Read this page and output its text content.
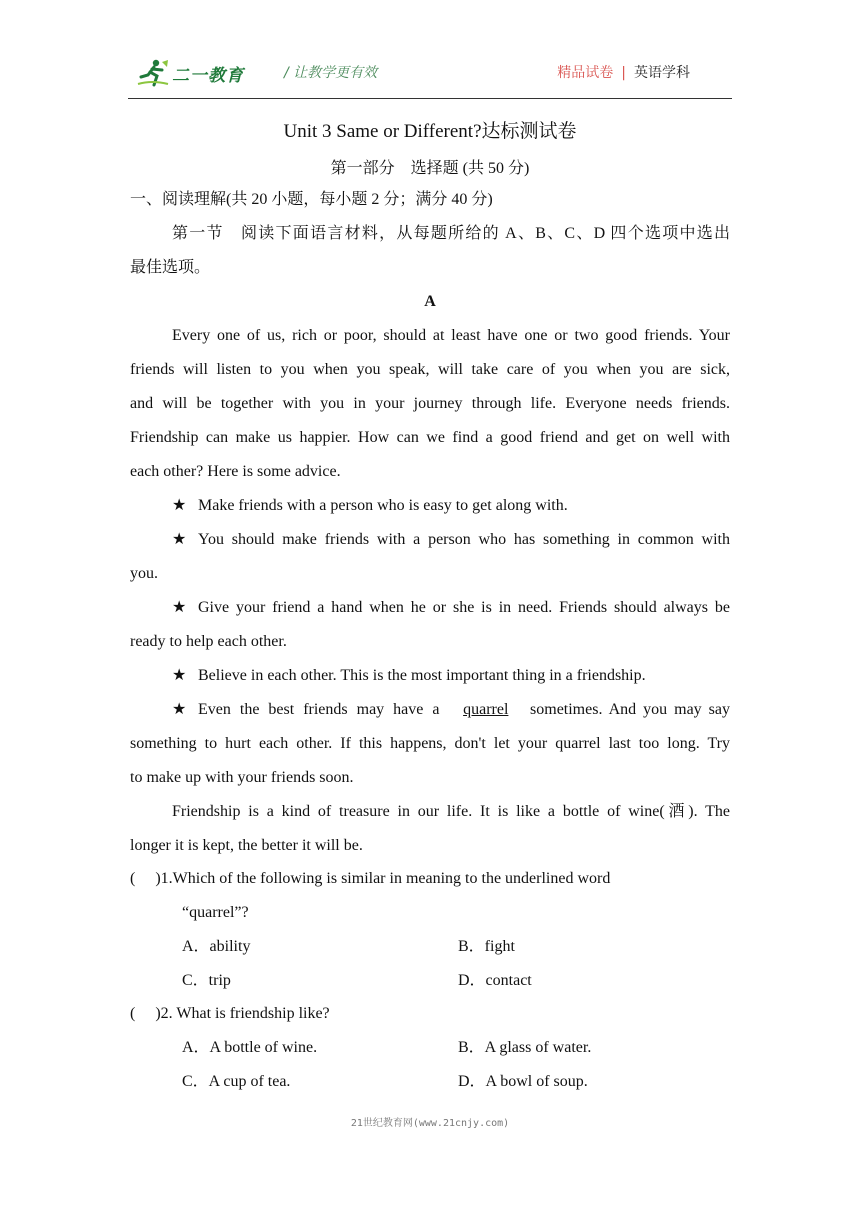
二一教育	/ 让教学更有效	精品试卷 | 英语学科
Unit 3 Same or Different?达标测试卷
第一部分　选择题 (共 50 分)
一、阅读理解(共 20 小题，每小题 2 分；满分 40 分)
第一节　阅读下面语言材料，从每题所给的 A、B、C、D 四个选项中选出
最佳选项。
A
Every one of us, rich or poor, should at least have one or two good friends. Your
friends will listen to you when you speak, will take care of you when you are sick,
and will be together with you in your journey through life. Everyone needs friends.
Friendship can make us happier. How can we find a good friend and get on well with
each other? Here is some advice.
★ Make friends with a person who is easy to get along with.
★ You should make friends with a person who has something in common with
you.
★ Give your friend a hand when he or she is in need. Friends should always be
ready to help each other.
★ Believe in each other. This is the most important thing in a friendship.
★ Even the best friends may have a quarrel sometimes. And you may say
something to hurt each other. If this happens, don't let your quarrel last too long. Try
to make up with your friends soon.
Friendship is a kind of treasure in our life. It is like a bottle of wine(酒). The
longer it is kept, the better it will be.
(     )1.Which of the following is similar in meaning to the underlined word
“quarrel”?
A．ability	B．fight
C．trip	D．contact
(     )2. What is friendship like?
A．A bottle of wine.	B．A glass of water.
C．A cup of tea.	D．A bowl of soup.
21世纪教育网(www.21cnjy.com)
